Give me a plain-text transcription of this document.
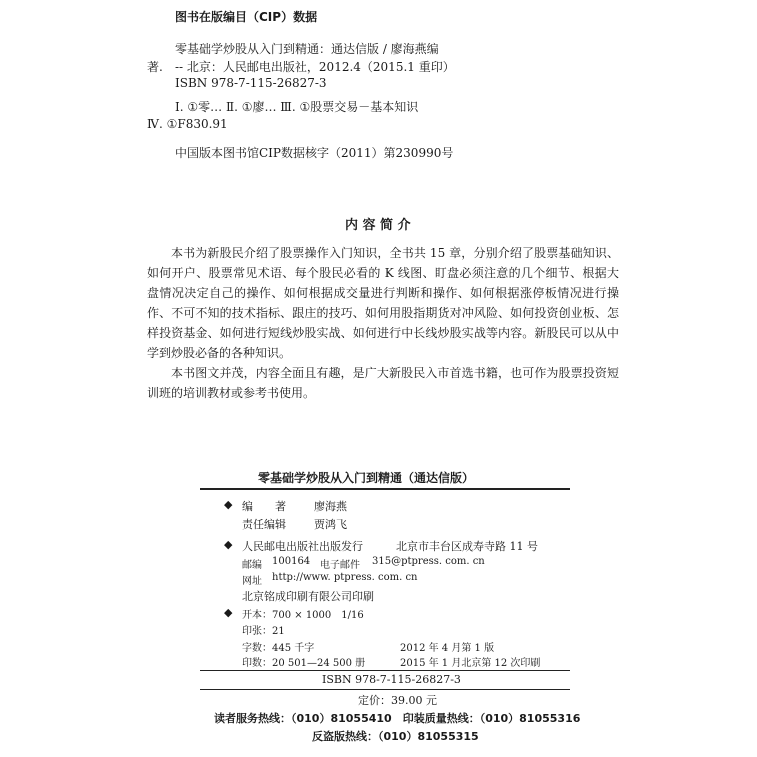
图书在版编目（CIP）数据
零基础学炒股从入门到精通：通达信版 / 廖海燕编
著. -- 北京：人民邮电出版社，2012.4（2015.1 重印）
ISBN 978-7-115-26827-3
Ⅰ. ①零… Ⅱ. ①廖… Ⅲ. ①股票交易－基本知识
Ⅳ. ①F830.91
中国版本图书馆CIP数据核字（2011）第230990号
内 容 简 介
本书为新股民介绍了股票操作入门知识，全书共 15 章，分别介绍了股票基础知识、如何开户、股票常见术语、每个股民必看的 K 线图、盯盘必须注意的几个细节、根据大盘情况决定自己的操作、如何根据成交量进行判断和操作、如何根据涨停板情况进行操作、不可不知的技术指标、跟庄的技巧、如何用股指期货对冲风险、如何投资创业板、怎样投资基金、如何进行短线炒股实战、如何进行中长线炒股实战等内容。新股民可以从中学到炒股必备的各种知识。
本书图文并茂，内容全面且有趣，是广大新股民入市首选书籍，也可作为股票投资短训班的培训教材或参考书使用。
零基础学炒股从入门到精通（通达信版）
◆ 编　　著	廖海燕
责任编辑	贾鸿飞
◆ 人民邮电出版社出版发行	北京市丰台区成寿寺路 11 号
邮编 100164 电子邮件 315@ptpress. com. cn
网址 http://www. ptpress. com. cn
北京铭成印刷有限公司印刷
◆ 开本：700 × 1000　1/16
印张：21
字数：445 千字	2012 年 4 月第 1 版
印数：20 501—24 500 册	2015 年 1 月北京第 12 次印刷
ISBN 978-7-115-26827-3
定价：39.00 元
读者服务热线：（010）81055410　印装质量热线：（010）81055316
反盗版热线：（010）81055315
